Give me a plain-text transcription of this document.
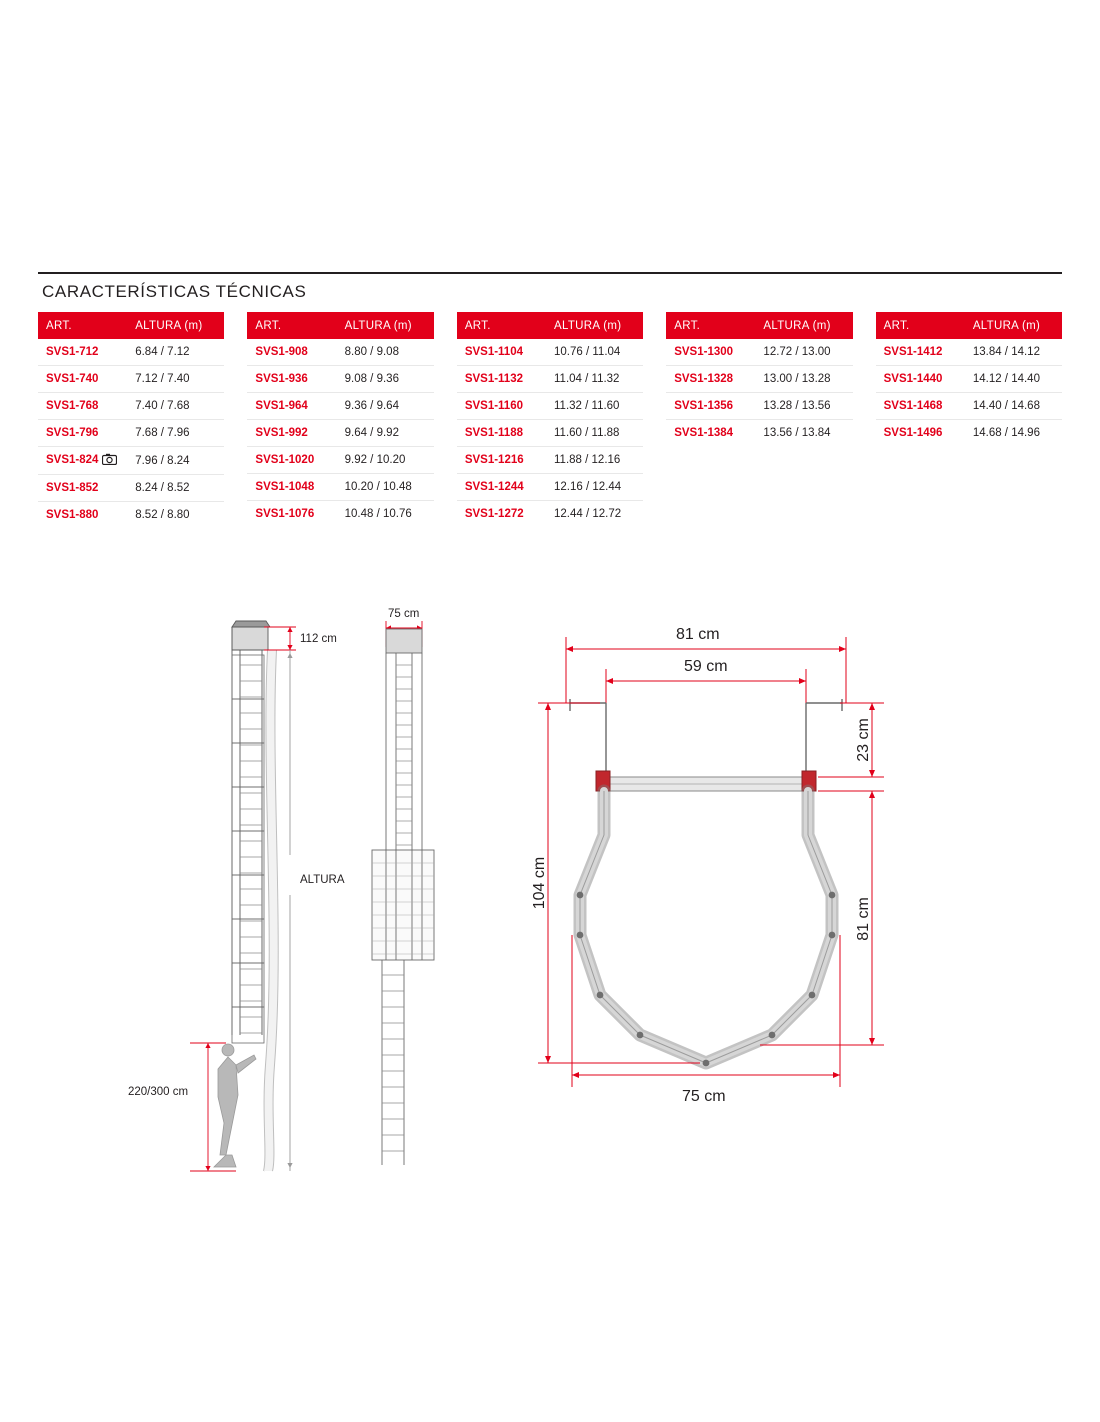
CARACTERÍSTICAS TÉCNICAS
ART.	ALTURA (m)
SVS1-712	6.84 / 7.12
SVS1-740	7.12 / 7.40
SVS1-768	7.40 / 7.68
SVS1-796	7.68 / 7.96
SVS1-824	7.96 / 8.24
SVS1-852	8.24 / 8.52
SVS1-880	8.52 / 8.80
ART.	ALTURA (m)
SVS1-908	8.80 / 9.08
SVS1-936	9.08 / 9.36
SVS1-964	9.36 / 9.64
SVS1-992	9.64 / 9.92
SVS1-1020	9.92 / 10.20
SVS1-1048	10.20 / 10.48
SVS1-1076	10.48 / 10.76
ART.	ALTURA (m)
SVS1-1104	10.76 / 11.04
SVS1-1132	11.04 / 11.32
SVS1-1160	11.32 / 11.60
SVS1-1188	11.60 / 11.88
SVS1-1216	11.88 / 12.16
SVS1-1244	12.16 / 12.44
SVS1-1272	12.44 / 12.72
ART.	ALTURA (m)
SVS1-1300	12.72 / 13.00
SVS1-1328	13.00 / 13.28
SVS1-1356	13.28 / 13.56
SVS1-1384	13.56 / 13.84
ART.	ALTURA (m)
SVS1-1412	13.84 / 14.12
SVS1-1440	14.12 / 14.40
SVS1-1468	14.40 / 14.68
SVS1-1496	14.68 / 14.96
112 cm
ALTURA
220/300 cm
75 cm
81 cm
59 cm
104 cm
23 cm
81 cm
75 cm
